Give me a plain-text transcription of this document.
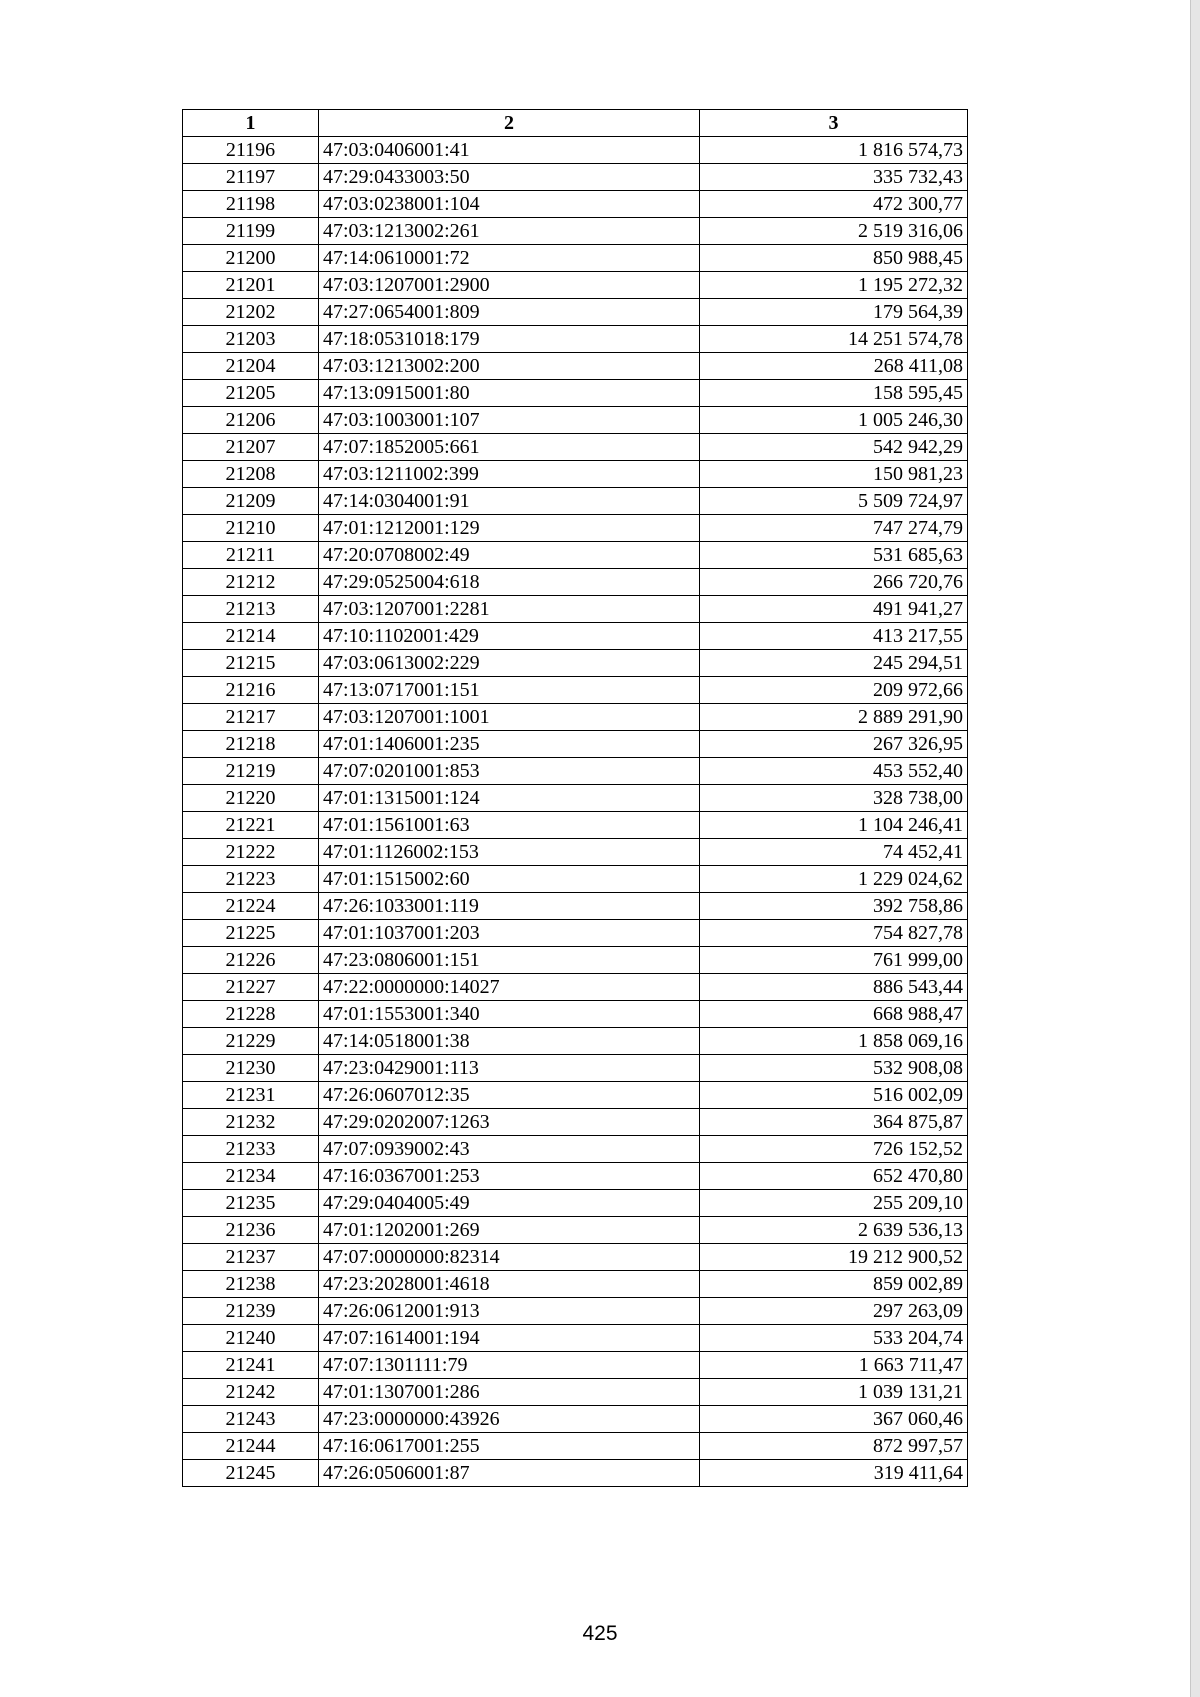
1	2	3
21196	47:03:0406001:41	1 816 574,73
21197	47:29:0433003:50	335 732,43
21198	47:03:0238001:104	472 300,77
21199	47:03:1213002:261	2 519 316,06
21200	47:14:0610001:72	850 988,45
21201	47:03:1207001:2900	1 195 272,32
21202	47:27:0654001:809	179 564,39
21203	47:18:0531018:179	14 251 574,78
21204	47:03:1213002:200	268 411,08
21205	47:13:0915001:80	158 595,45
21206	47:03:1003001:107	1 005 246,30
21207	47:07:1852005:661	542 942,29
21208	47:03:1211002:399	150 981,23
21209	47:14:0304001:91	5 509 724,97
21210	47:01:1212001:129	747 274,79
21211	47:20:0708002:49	531 685,63
21212	47:29:0525004:618	266 720,76
21213	47:03:1207001:2281	491 941,27
21214	47:10:1102001:429	413 217,55
21215	47:03:0613002:229	245 294,51
21216	47:13:0717001:151	209 972,66
21217	47:03:1207001:1001	2 889 291,90
21218	47:01:1406001:235	267 326,95
21219	47:07:0201001:853	453 552,40
21220	47:01:1315001:124	328 738,00
21221	47:01:1561001:63	1 104 246,41
21222	47:01:1126002:153	74 452,41
21223	47:01:1515002:60	1 229 024,62
21224	47:26:1033001:119	392 758,86
21225	47:01:1037001:203	754 827,78
21226	47:23:0806001:151	761 999,00
21227	47:22:0000000:14027	886 543,44
21228	47:01:1553001:340	668 988,47
21229	47:14:0518001:38	1 858 069,16
21230	47:23:0429001:113	532 908,08
21231	47:26:0607012:35	516 002,09
21232	47:29:0202007:1263	364 875,87
21233	47:07:0939002:43	726 152,52
21234	47:16:0367001:253	652 470,80
21235	47:29:0404005:49	255 209,10
21236	47:01:1202001:269	2 639 536,13
21237	47:07:0000000:82314	19 212 900,52
21238	47:23:2028001:4618	859 002,89
21239	47:26:0612001:913	297 263,09
21240	47:07:1614001:194	533 204,74
21241	47:07:1301111:79	1 663 711,47
21242	47:01:1307001:286	1 039 131,21
21243	47:23:0000000:43926	367 060,46
21244	47:16:0617001:255	872 997,57
21245	47:26:0506001:87	319 411,64
425
